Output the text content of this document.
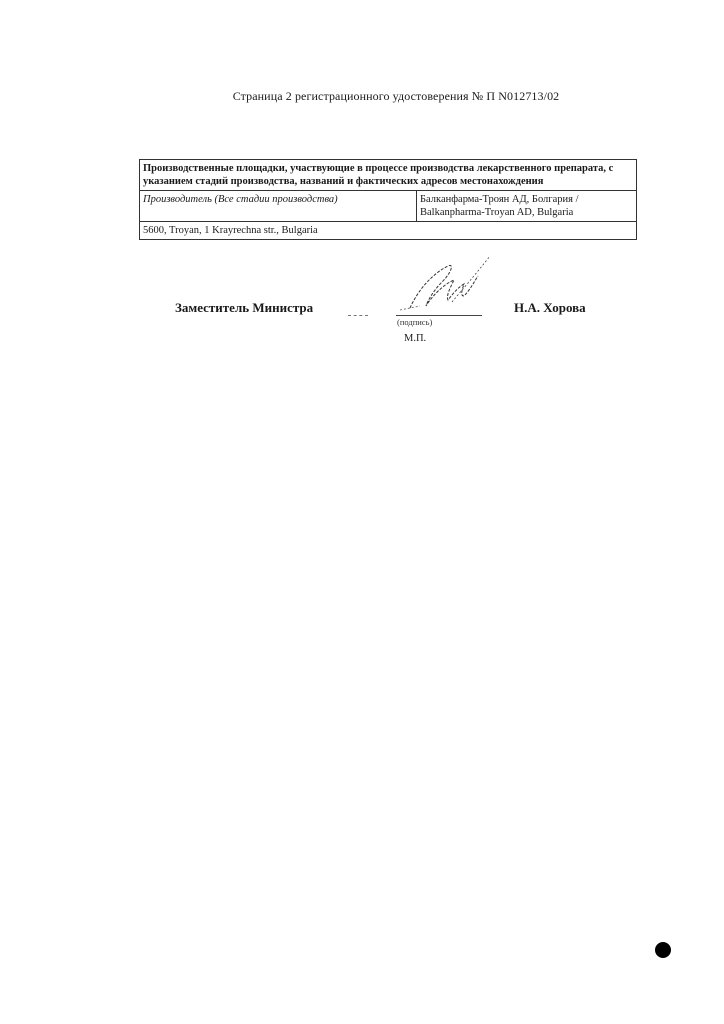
Страница 2 регистрационного удостоверения № П N012713/02
Производственные площадки, участвующие в процессе производства лекарственного препарата, с указанием стадий производства, названий и фактических адресов местонахождения
Производитель (Все стадии производства)	Балканфарма-Троян АД, Болгария /
Balkanpharma-Troyan AD, Bulgaria

5600, Troyan, 1 Krayrechna str., Bulgaria
Заместитель Министра
(подпись)
Н.А. Хорова
М.П.
